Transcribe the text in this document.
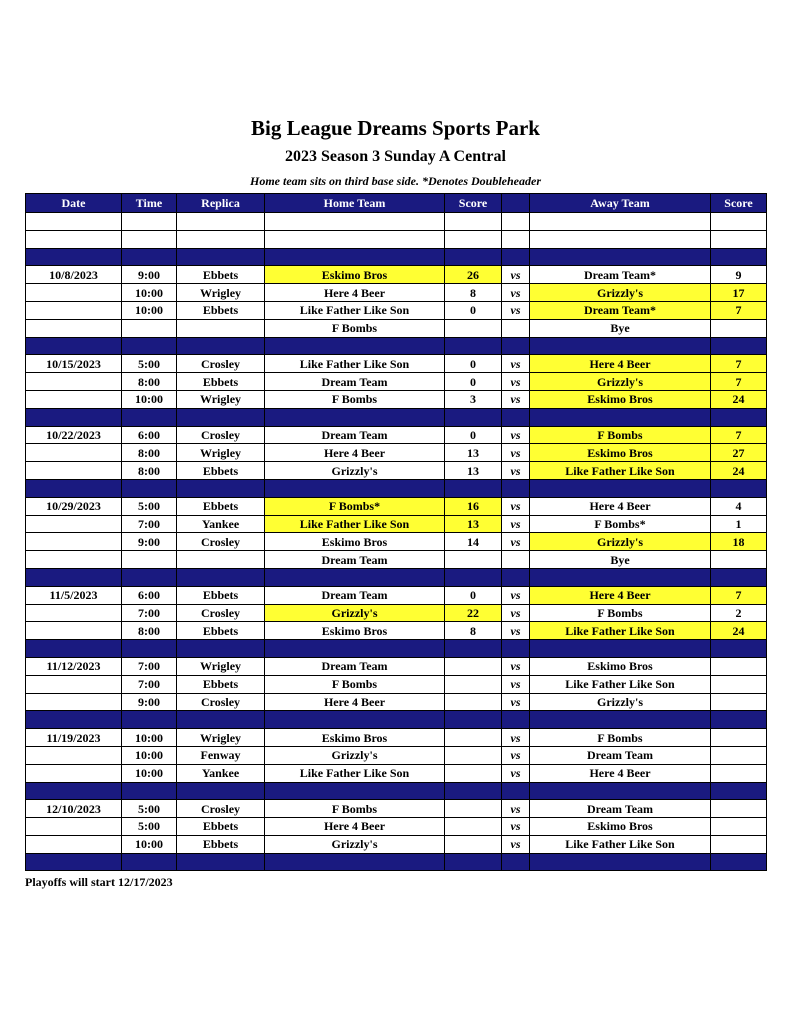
Big League Dreams Sports Park
2023 Season 3 Sunday A Central
Home team sits on third base side. *Denotes Doubleheader
Date	Time	Replica	Home Team	Score		Away Team	Score

10/8/2023	9:00	Ebbets	Eskimo Bros	26	vs	Dream Team*	9
	10:00	Wrigley	Here 4 Beer	8	vs	Grizzly's	17
	10:00	Ebbets	Like Father Like Son	0	vs	Dream Team*	7
			F Bombs			Bye	

10/15/2023	5:00	Crosley	Like Father Like Son	0	vs	Here 4 Beer	7
	8:00	Ebbets	Dream Team	0	vs	Grizzly's	7
	10:00	Wrigley	F Bombs	3	vs	Eskimo Bros	24

10/22/2023	6:00	Crosley	Dream Team	0	vs	F Bombs	7
	8:00	Wrigley	Here 4 Beer	13	vs	Eskimo Bros	27
	8:00	Ebbets	Grizzly's	13	vs	Like Father Like Son	24

10/29/2023	5:00	Ebbets	F Bombs*	16	vs	Here 4 Beer	4
	7:00	Yankee	Like Father Like Son	13	vs	F Bombs*	1
	9:00	Crosley	Eskimo Bros	14	vs	Grizzly's	18
			Dream Team			Bye	

11/5/2023	6:00	Ebbets	Dream Team	0	vs	Here 4 Beer	7
	7:00	Crosley	Grizzly's	22	vs	F Bombs	2
	8:00	Ebbets	Eskimo Bros	8	vs	Like Father Like Son	24

11/12/2023	7:00	Wrigley	Dream Team		vs	Eskimo Bros	
	7:00	Ebbets	F Bombs		vs	Like Father Like Son	
	9:00	Crosley	Here 4 Beer		vs	Grizzly's	

11/19/2023	10:00	Wrigley	Eskimo Bros		vs	F Bombs	
	10:00	Fenway	Grizzly's		vs	Dream Team	
	10:00	Yankee	Like Father Like Son		vs	Here 4 Beer	

12/10/2023	5:00	Crosley	F Bombs		vs	Dream Team	
	5:00	Ebbets	Here 4 Beer		vs	Eskimo Bros	
	10:00	Ebbets	Grizzly's		vs	Like Father Like Son	

Playoffs will start 12/17/2023
